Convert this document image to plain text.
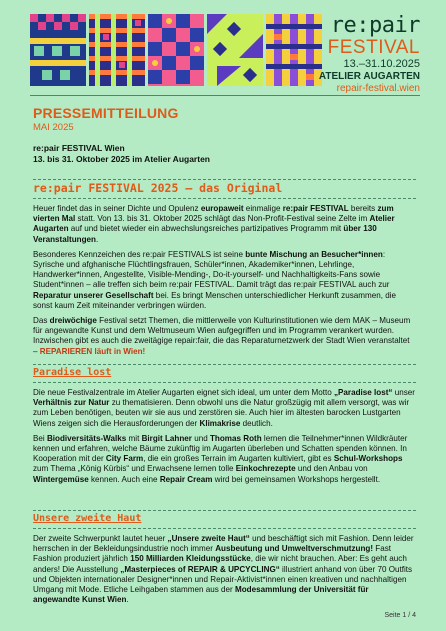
re:pair
FESTIVAL
13.–31.10.2025
ATELIER AUGARTEN
repair-festival.wien
PRESSEMITTEILUNG
MAI 2025
re:pair FESTIVAL Wien
13. bis 31. Oktober 2025 im Atelier Augarten
re:pair FESTIVAL 2025 – das Original
Heuer findet das in seiner Dichte und Opulenz europaweit einmalige re:pair FESTIVAL bereits zum vierten Mal statt. Von 13. bis 31. Oktober 2025 schlägt das Non-Profit-Festival seine Zelte im Atelier Augarten auf und bietet wieder ein abwechslungsreiches partizipatives Programm mit über 130 Veranstaltungen.
Besonderes Kennzeichen des re:pair FESTIVALS ist seine bunte Mischung an Besucher*innen: Syrische und afghanische Flüchtlingsfrauen, Schüler*innen, Akademiker*innen, Lehrlinge, Handwerker*innen, Angestellte, Visible-Mending-, Do-it-yourself- und Nachhaltigkeits-Fans sowie Student*innen – alle treffen sich beim re:pair FESTIVAL. Damit trägt das re:pair FESTIVAL auch zur Reparatur unserer Gesellschaft bei. Es bringt Menschen unterschiedlicher Herkunft zusammen, die sonst kaum Zeit miteinander verbringen würden.
Das dreiwöchige Festival setzt Themen, die mittlerweile von Kulturinstitutionen wie dem MAK – Museum für angewandte Kunst und dem Weltmuseum Wien aufgegriffen und im Programm verankert wurden. Inzwischen gibt es auch die zweitägige repair:fair, die das Reparaturnetzwerk der Stadt Wien veranstaltet – REPARIEREN läuft in Wien!
Paradise lost
Die neue Festivalzentrale im Atelier Augarten eignet sich ideal, um unter dem Motto „Paradise lost“ unser Verhältnis zur Natur zu thematisieren. Denn obwohl uns die Natur großzügig mit allem versorgt, was wir zum Leben benötigen, beuten wir sie aus und zerstören sie. Auch hier im ältesten barocken Lustgarten Wiens zeigen sich die Herausforderungen der Klimakrise deutlich.
Bei Biodiversitäts-Walks mit Birgit Lahner und Thomas Roth lernen die Teilnehmer*innen Wildkräuter kennen und erfahren, welche Bäume zukünftig im Augarten überleben und Schatten spenden können. In Kooperation mit der City Farm, die ein großes Terrain im Augarten kultiviert, gibt es Schul-Workshops zum Thema „König Kürbis“ und Erwachsene lernen tolle Einkochrezepte und den Anbau von Wintergemüse kennen. Auch eine Repair Cream wird bei gemeinsamen Workshops hergestellt.
Unsere zweite Haut
Der zweite Schwerpunkt lautet heuer „Unsere zweite Haut“ und beschäftigt sich mit Fashion. Denn leider herrschen in der Bekleidungsindustrie noch immer Ausbeutung und Umweltverschmutzung! Fast Fashion produziert jährlich 150 Milliarden Kleidungsstücke, die wir nicht brauchen. Aber: Es geht auch anders! Die Ausstellung „Masterpieces of REPAIR & UPCYCLING“ illustriert anhand von über 70 Outfits und Objekten internationaler Designer*innen und Repair-Aktivist*innen einen kreativen und nachhaltigen Umgang mit Mode. Etliche Leihgaben stammen aus der Modesammlung der Universität für angewandte Kunst Wien.
Seite 1 / 4
